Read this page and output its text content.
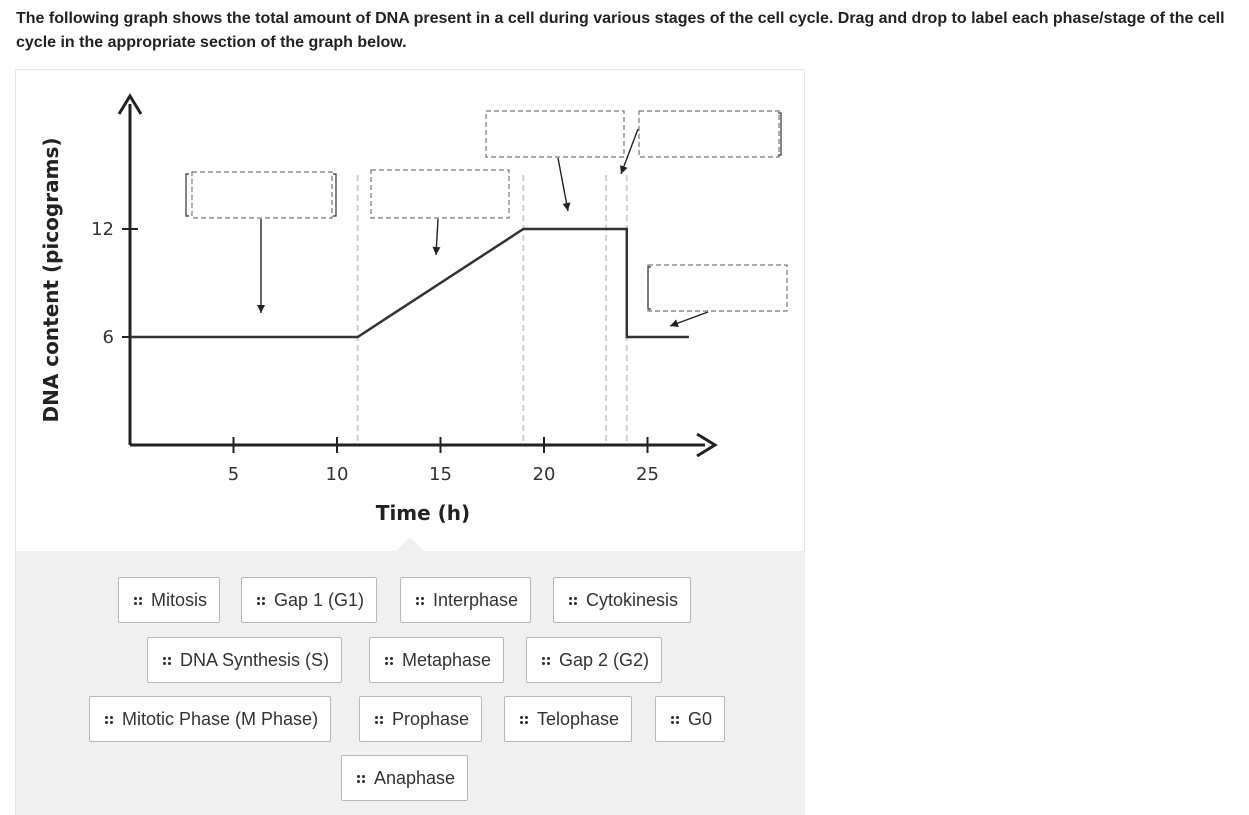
The following graph shows the total amount of DNA present in a cell during various stages of the cell cycle. Drag and drop to label each phase/stage of the cell cycle in the appropriate section of the graph below.

5	10	15	20	25
6
12
Time (h)
DNA content (picograms)
Mitosis	Gap 1 (G1)	Interphase	Cytokinesis
DNA Synthesis (S)	Metaphase	Gap 2 (G2)
Mitotic Phase (M Phase)	Prophase	Telophase	G0
Anaphase
